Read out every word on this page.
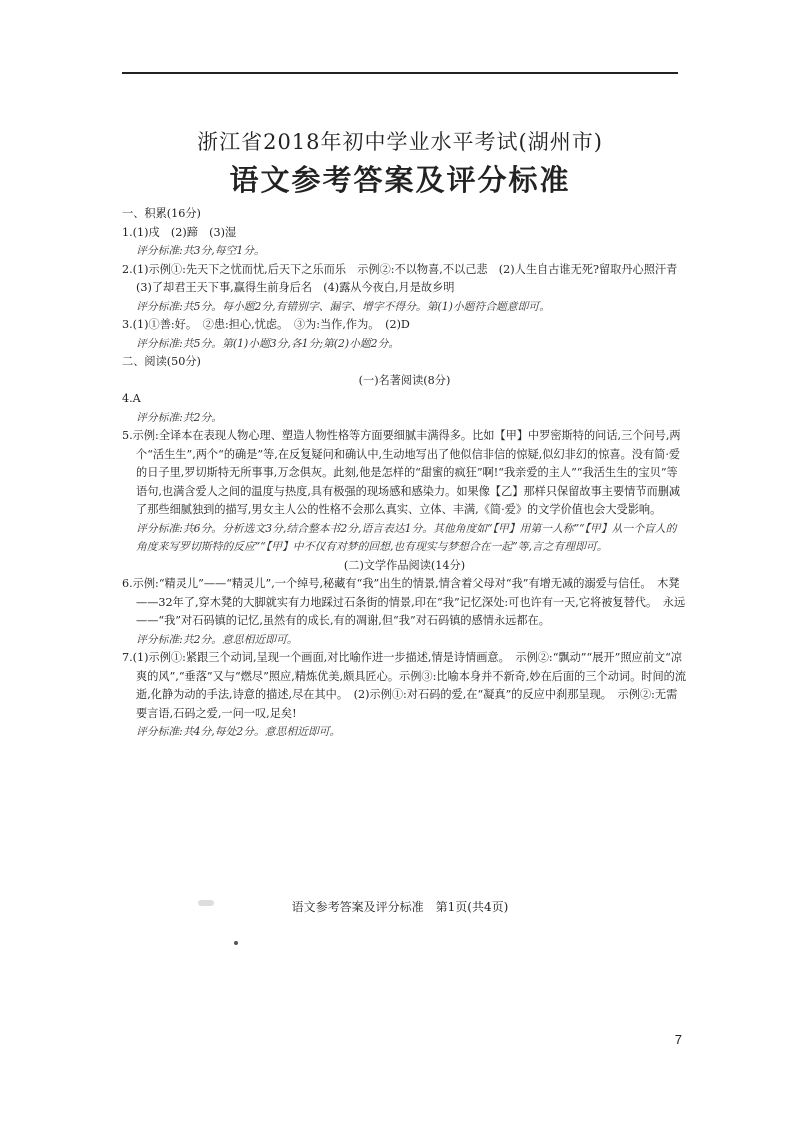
浙江省2018年初中学业水平考试(湖州市)
语文参考答案及评分标准

一、积累(16分)

1.(1)戌　(2)蹄　(3)湿

评分标准:共3分,每空1分。

2.(1)示例①:先天下之忧而忧,后天下之乐而乐　示例②:不以物喜,不以己悲　(2)人生自古谁无死?留取丹心照汗青　(3)了却君王天下事,赢得生前身后名　(4)露从今夜白,月是故乡明

评分标准:共5分。每小题2分,有错别字、漏字、增字不得分。第(1)小题符合题意即可。

3.(1)①善:好。　②患:担心,忧虑。　③为:当作,作为。　(2)D

评分标准:共5分。第(1)小题3分,各1分;第(2)小题2分。

二、阅读(50分)

(一)名著阅读(8分)

4.A

评分标准:共2分。

5.示例:全译本在表现人物心理、塑造人物性格等方面要细腻丰满得多。比如【甲】中罗密斯特的问话,三个问号,两个“活生生”,两个“的确是”等,在反复疑问和确认中,生动地写出了他似信非信的惊疑,似幻非幻的惊喜。没有简·爱的日子里,罗切斯特无所事事,万念俱灰。此刻,他是怎样的“甜蜜的疯狂”啊!“我亲爱的主人”“我活生生的宝贝”等语句,也满含爱人之间的温度与热度,具有极强的现场感和感染力。如果像【乙】那样只保留故事主要情节而删减了那些细腻独到的描写,男女主人公的性格不会那么真实、立体、丰满,《简·爱》的文学价值也会大受影响。

评分标准:共6分。分析选文3分,结合整本书2分,语言表达1分。其他角度如“【甲】用第一人称”“【甲】从一个盲人的角度来写罗切斯特的反应”“【甲】中不仅有对梦的回想,也有现实与梦想合在一起”等,言之有理即可。

(二)文学作品阅读(14分)

6.示例:“精灵儿”——“精灵儿”,一个绰号,秘藏有“我”出生的情景,情含着父母对“我”有增无减的溺爱与信任。　木凳——32年了,穿木凳的大脚就实有力地踩过石条街的情景,印在“我”记忆深处:可也许有一天,它将被复替代。　永远——“我”对石码镇的记忆,虽然有的成长,有的凋谢,但“我”对石码镇的感情永远都在。

评分标准:共2分。意思相近即可。

7.(1)示例①:紧跟三个动词,呈现一个画面,对比喻作进一步描述,情是诗情画意。　示例②:“飘动”“展开”照应前文“凉爽的风”,“垂落”又与“燃尽”照应,精炼优美,颇具匠心。示例③:比喻本身并不新奇,妙在后面的三个动词。时间的流逝,化静为动的手法,诗意的描述,尽在其中。　(2)示例①:对石码的爱,在“凝真”的反应中刹那呈现。　示例②:无需要言语,石码之爱,一问一叹,足矣!

评分标准:共4分,每处2分。意思相近即可。

语文参考答案及评分标准　第1页(共4页)
7
